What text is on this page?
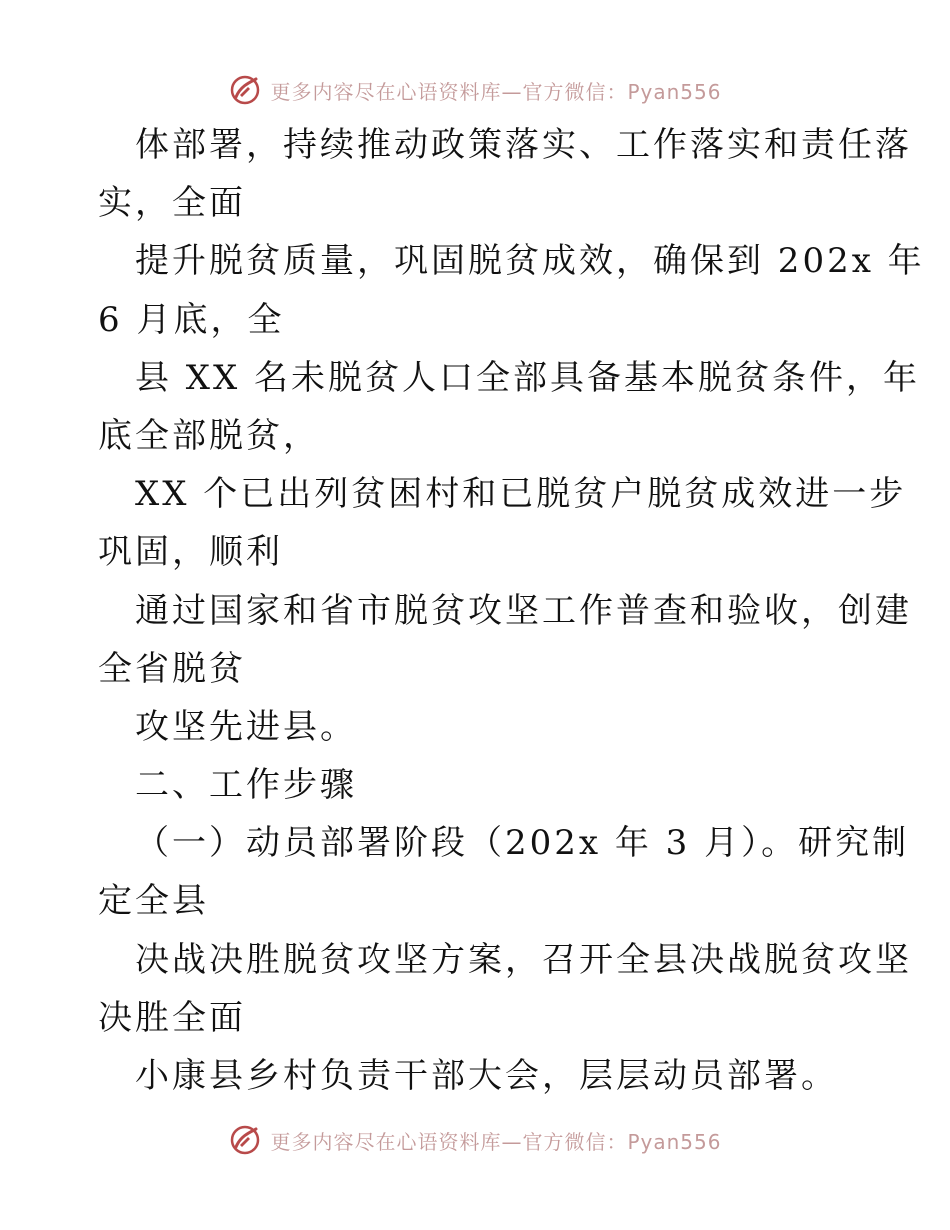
更多内容尽在心语资料库—官方微信：Pyan556
体部署，持续推动政策落实、工作落实和责任落
实，全面
提升脱贫质量，巩固脱贫成效，确保到 202x 年
6 月底，全
县 XX 名未脱贫人口全部具备基本脱贫条件，年
底全部脱贫，
XX 个已出列贫困村和已脱贫户脱贫成效进一步
巩固，顺利
通过国家和省市脱贫攻坚工作普查和验收，创建
全省脱贫
攻坚先进县。
二、工作步骤
（一）动员部署阶段（202x 年 3 月）。研究制
定全县
决战决胜脱贫攻坚方案，召开全县决战脱贫攻坚
决胜全面
小康县乡村负责干部大会，层层动员部署。
更多内容尽在心语资料库—官方微信：Pyan556
